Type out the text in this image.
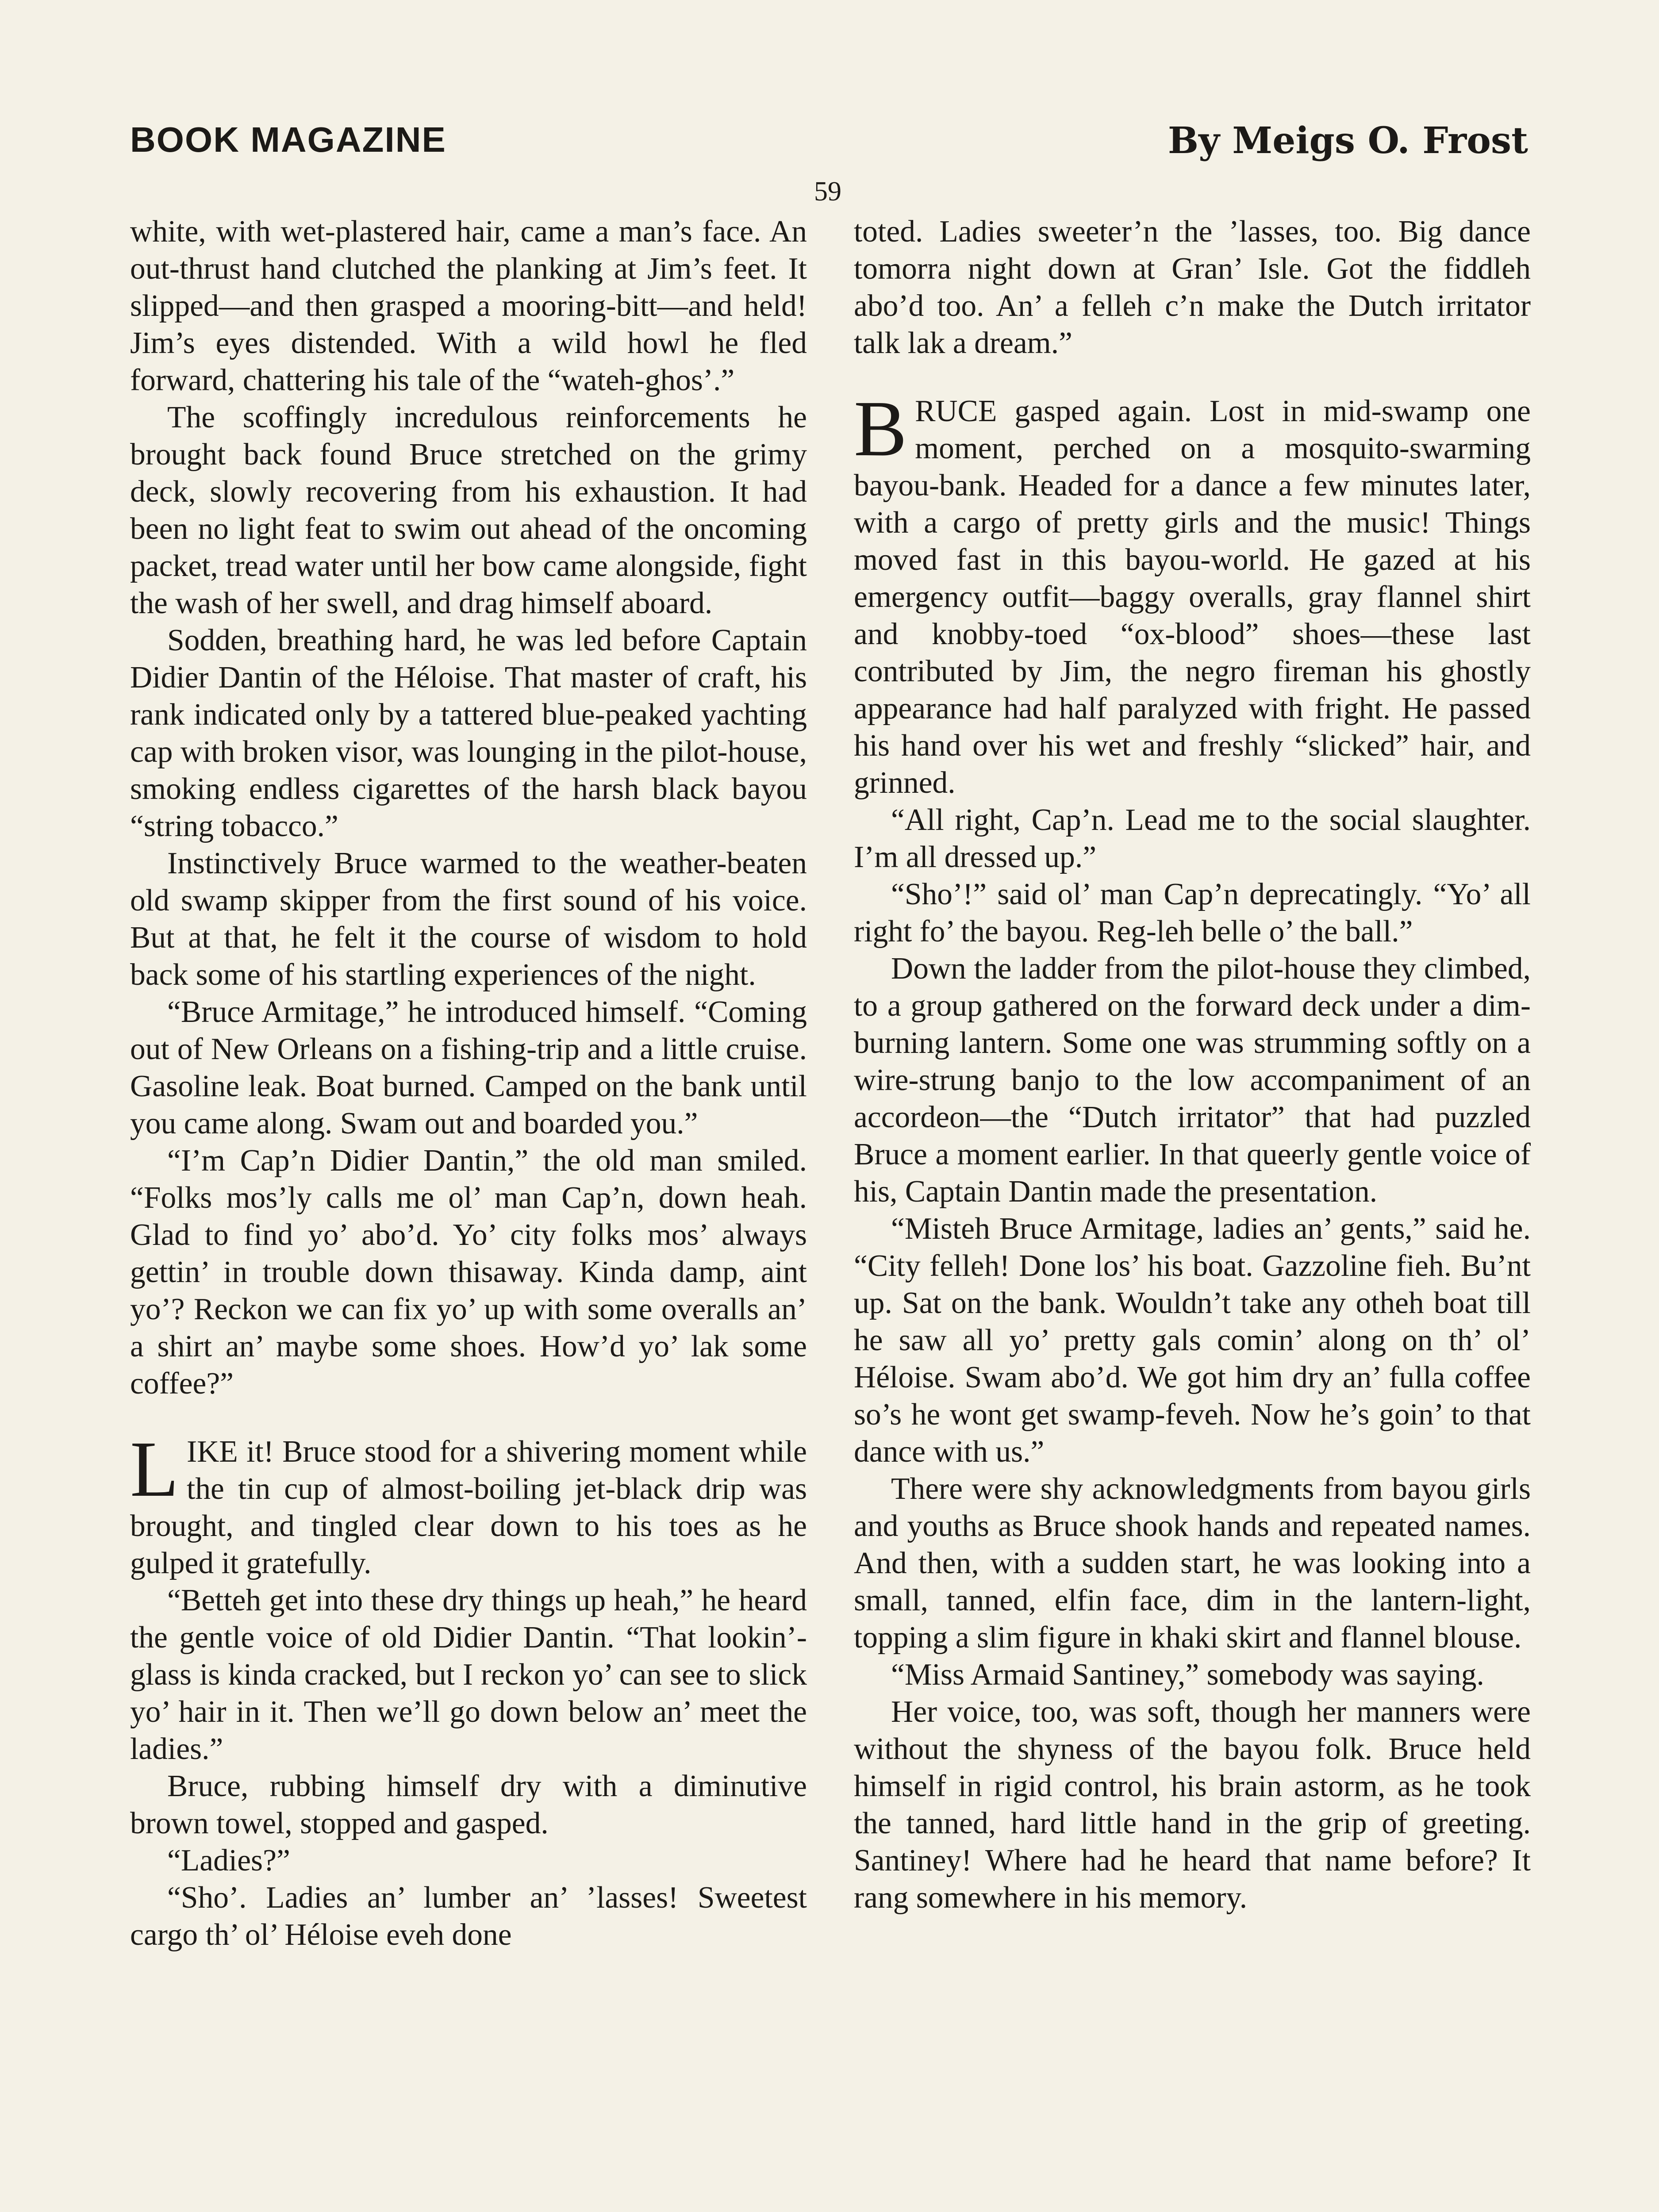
BOOK MAGAZINE	By Meigs O. Frost
59

white, with wet-plastered hair, came a man’s face. An out-thrust hand clutched the planking at Jim’s feet. It slipped—and then grasped a mooring-bitt—and held! Jim’s eyes distended. With a wild howl he fled forward, chattering his tale of the “wateh-ghos’.”

The scoffingly incredulous reinforcements he brought back found Bruce stretched on the grimy deck, slowly recovering from his exhaustion. It had been no light feat to swim out ahead of the oncoming packet, tread water until her bow came alongside, fight the wash of her swell, and drag himself aboard.

Sodden, breathing hard, he was led before Captain Didier Dantin of the Héloise. That master of craft, his rank indicated only by a tattered blue-peaked yachting cap with broken visor, was lounging in the pilot-house, smoking endless cigarettes of the harsh black bayou “string tobacco.”

Instinctively Bruce warmed to the weather-beaten old swamp skipper from the first sound of his voice. But at that, he felt it the course of wisdom to hold back some of his startling experiences of the night.

“Bruce Armitage,” he introduced himself. “Coming out of New Orleans on a fishing-trip and a little cruise. Gasoline leak. Boat burned. Camped on the bank until you came along. Swam out and boarded you.”

“I’m Cap’n Didier Dantin,” the old man smiled. “Folks mos’ly calls me ol’ man Cap’n, down heah. Glad to find yo’ abo’d. Yo’ city folks mos’ always gettin’ in trouble down thisaway. Kinda damp, aint yo’? Reckon we can fix yo’ up with some overalls an’ a shirt an’ maybe some shoes. How’d yo’ lak some coffee?”

LIKE it! Bruce stood for a shivering moment while the tin cup of almost-boiling jet-black drip was brought, and tingled clear down to his toes as he gulped it gratefully.

“Betteh get into these dry things up heah,” he heard the gentle voice of old Didier Dantin. “That lookin’-glass is kinda cracked, but I reckon yo’ can see to slick yo’ hair in it. Then we’ll go down below an’ meet the ladies.”

Bruce, rubbing himself dry with a diminutive brown towel, stopped and gasped.

“Ladies?”

“Sho’. Ladies an’ lumber an’ ’lasses! Sweetest cargo th’ ol’ Héloise eveh done

toted. Ladies sweeter’n the ’lasses, too. Big dance tomorra night down at Gran’ Isle. Got the fiddleh abo’d too. An’ a felleh c’n make the Dutch irritator talk lak a dream.”

BRUCE gasped again. Lost in mid-swamp one moment, perched on a mosquito-swarming bayou-bank. Headed for a dance a few minutes later, with a cargo of pretty girls and the music! Things moved fast in this bayou-world. He gazed at his emergency outfit—baggy overalls, gray flannel shirt and knobby-toed “ox-blood” shoes—these last contributed by Jim, the negro fireman his ghostly appearance had half paralyzed with fright. He passed his hand over his wet and freshly “slicked” hair, and grinned.

“All right, Cap’n. Lead me to the social slaughter. I’m all dressed up.”

“Sho’!” said ol’ man Cap’n deprecatingly. “Yo’ all right fo’ the bayou. Reg-leh belle o’ the ball.”

Down the ladder from the pilot-house they climbed, to a group gathered on the forward deck under a dim-burning lantern. Some one was strumming softly on a wire-strung banjo to the low accompaniment of an accordeon—the “Dutch irritator” that had puzzled Bruce a moment earlier. In that queerly gentle voice of his, Captain Dantin made the presentation.

“Misteh Bruce Armitage, ladies an’ gents,” said he. “City felleh! Done los’ his boat. Gazzoline fieh. Bu’nt up. Sat on the bank. Wouldn’t take any otheh boat till he saw all yo’ pretty gals comin’ along on th’ ol’ Héloise. Swam abo’d. We got him dry an’ fulla coffee so’s he wont get swamp-feveh. Now he’s goin’ to that dance with us.”

There were shy acknowledgments from bayou girls and youths as Bruce shook hands and repeated names. And then, with a sudden start, he was looking into a small, tanned, elfin face, dim in the lantern-light, topping a slim figure in khaki skirt and flannel blouse.

“Miss Armaid Santiney,” somebody was saying.

Her voice, too, was soft, though her manners were without the shyness of the bayou folk. Bruce held himself in rigid control, his brain astorm, as he took the tanned, hard little hand in the grip of greeting. Santiney! Where had he heard that name before? It rang somewhere in his memory.
